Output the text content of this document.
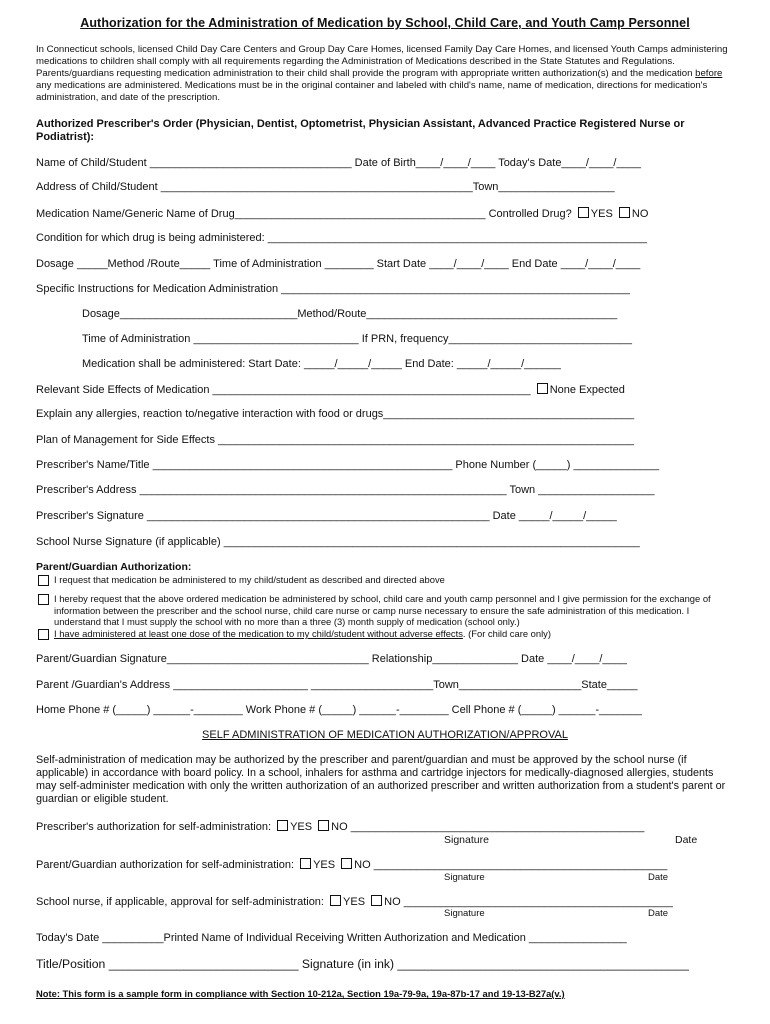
Authorization for the Administration of Medication by School, Child Care, and Youth Camp Personnel
In Connecticut schools, licensed Child Day Care Centers and Group Day Care Homes, licensed Family Day Care Homes, and licensed Youth Camps administering medications to children shall comply with all requirements regarding the Administration of Medications described in the State Statutes and Regulations. Parents/guardians requesting medication administration to their child shall provide the program with appropriate written authorization(s) and the medication before any medications are administered. Medications must be in the original container and labeled with child's name, name of medication, directions for medication's administration, and date of the prescription.
Authorized Prescriber's Order (Physician, Dentist, Optometrist, Physician Assistant, Advanced Practice Registered Nurse or Podiatrist):
Name of Child/Student _________________________________ Date of Birth____/____/____ Today's Date____/____/____
Address of Child/Student ___________________________________________________Town___________________
Medication Name/Generic Name of Drug_________________________________________ Controlled Drug? YES NO
Condition for which drug is being administered: ______________________________________________________________
Dosage _____Method /Route_____ Time of Administration ________ Start Date ____/____/____ End Date ____/____/____
Specific Instructions for Medication Administration _________________________________________________________
Dosage_____________________________Method/Route_________________________________________
Time of Administration ___________________________ If PRN, frequency______________________________
Medication shall be administered: Start Date: _____/_____/_____ End Date: _____/_____/______
Relevant Side Effects of Medication ____________________________________________________ None Expected
Explain any allergies, reaction to/negative interaction with food or drugs_________________________________________
Plan of Management for Side Effects ____________________________________________________________________
Prescriber's Name/Title _________________________________________________ Phone Number (_____) ______________
Prescriber's Address ____________________________________________________________ Town ___________________
Prescriber's Signature ________________________________________________________ Date _____/_____/_____
School Nurse Signature (if applicable) ____________________________________________________________________
Parent/Guardian Authorization:
I request that medication be administered to my child/student as described and directed above
I hereby request that the above ordered medication be administered by school, child care and youth camp personnel and I give permission for the exchange of information between the prescriber and the school nurse, child care nurse or camp nurse necessary to ensure the safe administration of this medication. I understand that I must supply the school with no more than a three (3) month supply of medication (school only.)
I have administered at least one dose of the medication to my child/student without adverse effects. (For child care only)
Parent/Guardian Signature_________________________________ Relationship______________ Date ____/____/____
Parent /Guardian's Address ______________________ ____________________Town____________________State_____
Home Phone # (_____) ______-________ Work Phone # (_____) ______-________ Cell Phone # (_____) ______-_______
SELF ADMINISTRATION OF MEDICATION AUTHORIZATION/APPROVAL
Self-administration of medication may be authorized by the prescriber and parent/guardian and must be approved by the school nurse (if applicable) in accordance with board policy. In a school, inhalers for asthma and cartridge injectors for medically-diagnosed allergies, students may self-administer medication with only the written authorization of an authorized prescriber and written authorization from a student's parent or guardian or eligible student.
Prescriber's authorization for self-administration: YES NO ________________________________________________
Signature	Date
Parent/Guardian authorization for self-administration: YES NO ________________________________________________
Signature	Date
School nurse, if applicable, approval for self-administration: YES NO ____________________________________________
Signature	Date
Today's Date __________Printed Name of Individual Receiving Written Authorization and Medication ________________
Title/Position ____________________________ Signature (in ink) ___________________________________________
Note: This form is a sample form in compliance with Section 10-212a, Section 19a-79-9a, 19a-87b-17 and 19-13-B27a(v.)
